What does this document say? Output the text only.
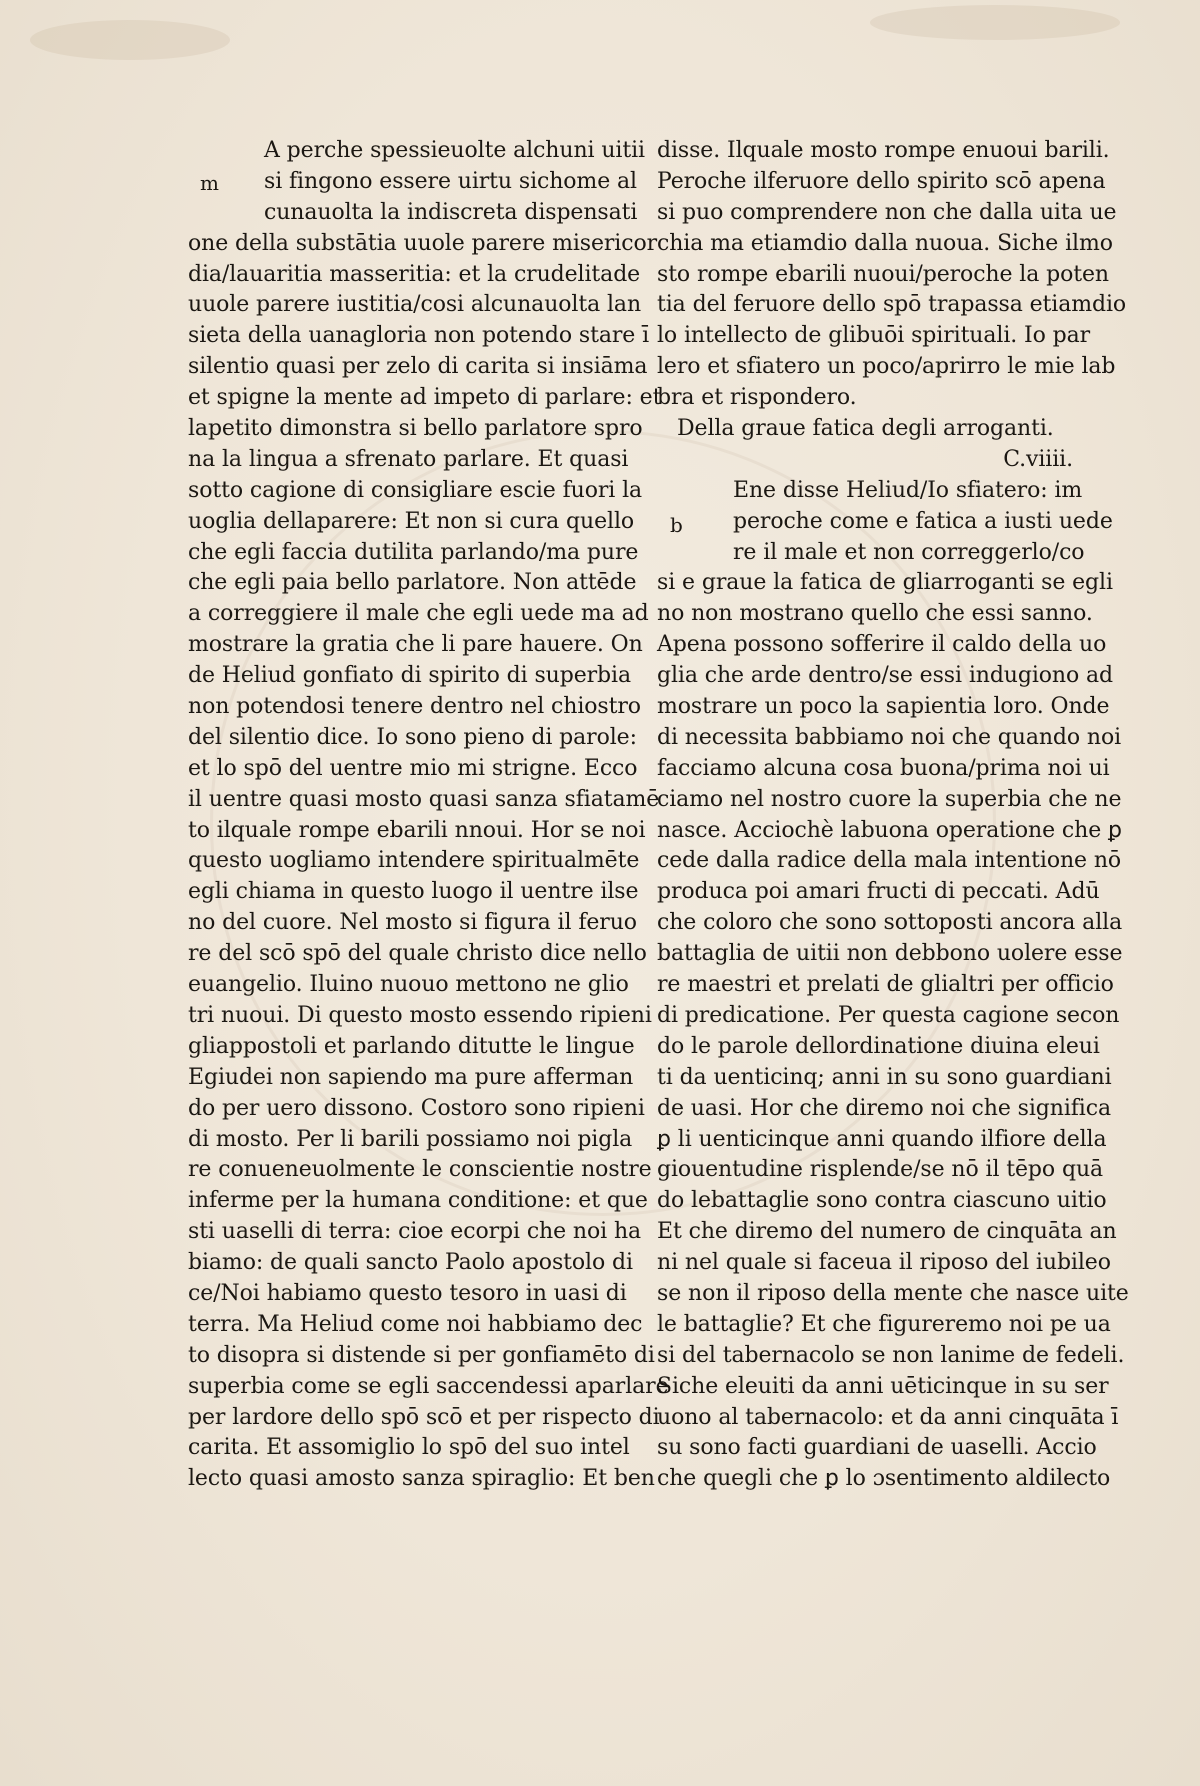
m
b
A perche spessieuolte alchuni uitii
si fingono essere uirtu sichome al
cunauolta la indiscreta dispensati
one della substātia uuole parere misericor
dia/lauaritia masseritia: et la crudelitade
uuole parere iustitia/cosi alcunauolta lan
sieta della uanagloria non potendo stare ī
silentio quasi per zelo di carita si insiāma
et spigne la mente ad impeto di parlare: et
lapetito dimonstra si bello parlatore spro
na la lingua a sfrenato parlare. Et quasi
sotto cagione di consigliare escie fuori la
uoglia dellaparere: Et non si cura quello
che egli faccia dutilita parlando/ma pure
che egli paia bello parlatore. Non attēde
a correggiere il male che egli uede ma ad
mostrare la gratia che li pare hauere. On
de Heliud gonfiato di spirito di superbia
non potendosi tenere dentro nel chiostro
del silentio dice. Io sono pieno di parole:
et lo spō del uentre mio mi strigne. Ecco
il uentre quasi mosto quasi sanza sfiatamē
to ilquale rompe ebarili nnoui. Hor se noi
questo uogliamo intendere spiritualmēte
egli chiama in questo luogo il uentre ilse
no del cuore. Nel mosto si figura il feruo
re del scō spō del quale christo dice nello
euangelio. Iluino nuouo mettono ne glio
tri nuoui. Di questo mosto essendo ripieni
gliappostoli et parlando ditutte le lingue
Egiudei non sapiendo ma pure afferman
do per uero dissono. Costoro sono ripieni
di mosto. Per li barili possiamo noi pigla
re conueneuolmente le conscientie nostre
inferme per la humana conditione: et que
sti uaselli di terra: cioe ecorpi che noi ha
biamo: de quali sancto Paolo apostolo di
ce/Noi habiamo questo tesoro in uasi di
terra. Ma Heliud come noi habbiamo dec
to disopra si distende si per gonfiamēto di
superbia come se egli saccendessi aparlare
per lardore dello spō scō et per rispecto di
carita. Et assomiglio lo spō del suo intel
lecto quasi amosto sanza spiraglio: Et ben
disse. Ilquale mosto rompe enuoui barili.
Peroche ilferuore dello spirito scō apena
si puo comprendere non che dalla uita ue
chia ma etiamdio dalla nuoua. Siche ilmo
sto rompe ebarili nuoui/peroche la poten
tia del feruore dello spō trapassa etiamdio
lo intellecto de glibuōi spirituali. Io par
lero et sfiatero un poco/aprirro le mie lab
bra et rispondero.
Della graue fatica degli arroganti.
C.viiii.
Ene disse Heliud/Io sfiatero: im
peroche come e fatica a iusti uede
re il male et non correggerlo/co
si e graue la fatica de gliarroganti se egli
no non mostrano quello che essi sanno.
Apena possono sofferire il caldo della uo
glia che arde dentro/se essi indugiono ad
mostrare un poco la sapientia loro. Onde
di necessita babbiamo noi che quando noi
facciamo alcuna cosa buona/prima noi ui
ciamo nel nostro cuore la superbia che ne
nasce. Acciochè labuona operatione che ꝑ
cede dalla radice della mala intentione nō
produca poi amari fructi di peccati. Adū
che coloro che sono sottoposti ancora alla
battaglia de uitii non debbono uolere esse
re maestri et prelati de glialtri per officio
di predicatione. Per questa cagione secon
do le parole dellordinatione diuina eleui
ti da uenticinq; anni in su sono guardiani
de uasi. Hor che diremo noi che significa
ꝑ li uenticinque anni quando ilfiore della
giouentudine risplende/se nō il tēpo quā
do lebattaglie sono contra ciascuno uitio
Et che diremo del numero de cinquāta an
ni nel quale si faceua il riposo del iubileo
se non il riposo della mente che nasce uite
le battaglie? Et che figureremo noi pe ua
si del tabernacolo se non lanime de fedeli.
Siche eleuiti da anni uēticinque in su ser
uono al tabernacolo: et da anni cinquāta ī
su sono facti guardiani de uaselli. Accio
che quegli che ꝑ lo ɔsentimento aldilecto
